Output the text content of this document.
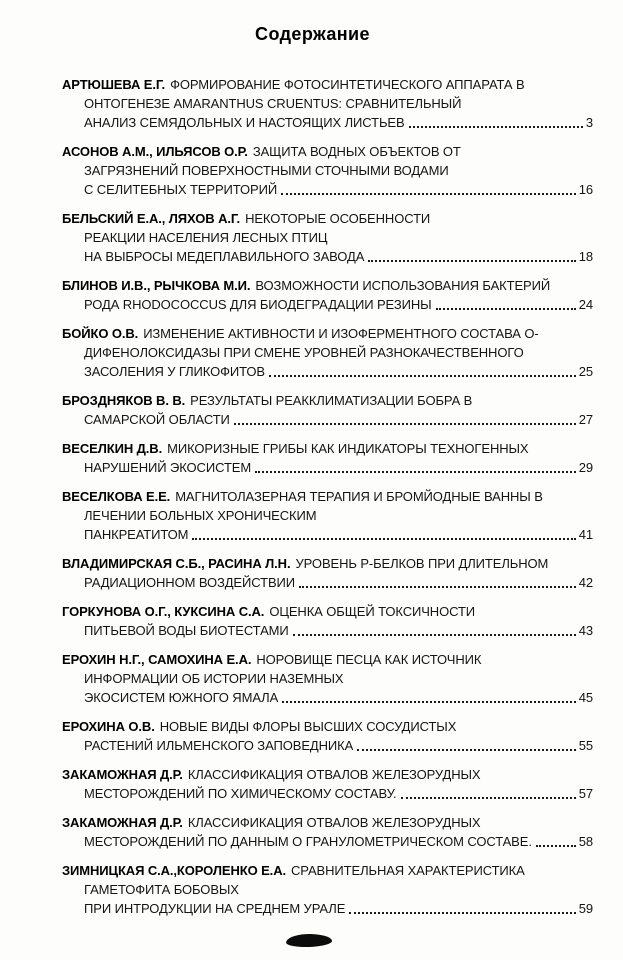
Содержание
АРТЮШЕВА Е.Г. ФОРМИРОВАНИЕ ФОТОСИНТЕТИЧЕСКОГО АППАРАТА В
ОНТОГЕНЕЗЕ AMARANTHUS CRUENTUS: СРАВНИТЕЛЬНЫЙ
АНАЛИЗ СЕМЯДОЛЬНЫХ И НАСТОЯЩИХ ЛИСТЬЕВ	3
АСОНОВ А.М., ИЛЬЯСОВ О.Р. ЗАЩИТА ВОДНЫХ ОБЪЕКТОВ ОТ
ЗАГРЯЗНЕНИЙ ПОВЕРХНОСТНЫМИ СТОЧНЫМИ ВОДАМИ
С СЕЛИТЕБНЫХ ТЕРРИТОРИЙ	16
БЕЛЬСКИЙ Е.А., ЛЯХОВ А.Г. НЕКОТОРЫЕ ОСОБЕННОСТИ
РЕАКЦИИ НАСЕЛЕНИЯ ЛЕСНЫХ ПТИЦ
НА ВЫБРОСЫ МЕДЕПЛАВИЛЬНОГО ЗАВОДА	18
БЛИНОВ И.В., РЫЧКОВА М.И. ВОЗМОЖНОСТИ ИСПОЛЬЗОВАНИЯ БАКТЕРИЙ
РОДА RHODOCOCCUS ДЛЯ БИОДЕГРАДАЦИИ РЕЗИНЫ	24
БОЙКО О.В. ИЗМЕНЕНИЕ АКТИВНОСТИ И ИЗОФЕРМЕНТНОГО СОСТАВА О-
ДИФЕНОЛОКСИДАЗЫ ПРИ СМЕНЕ УРОВНЕЙ РАЗНОКАЧЕСТВЕННОГО
ЗАСОЛЕНИЯ У ГЛИКОФИТОВ	25
БРОЗДНЯКОВ В. В. РЕЗУЛЬТАТЫ РЕАККЛИМАТИЗАЦИИ БОБРА В
САМАРСКОЙ ОБЛАСТИ	27
ВЕСЕЛКИН Д.В. МИКОРИЗНЫЕ ГРИБЫ КАК ИНДИКАТОРЫ ТЕХНОГЕННЫХ
НАРУШЕНИЙ ЭКОСИСТЕМ	29
ВЕСЕЛКОВА Е.Е. МАГНИТОЛАЗЕРНАЯ ТЕРАПИЯ И БРОМЙОДНЫЕ ВАННЫ В
ЛЕЧЕНИИ БОЛЬНЫХ ХРОНИЧЕСКИМ
ПАНКРЕАТИТОМ	41
ВЛАДИМИРСКАЯ С.Б., РАСИНА Л.Н. УРОВЕНЬ Р-БЕЛКОВ ПРИ ДЛИТЕЛЬНОМ
РАДИАЦИОННОМ ВОЗДЕЙСТВИИ	42
ГОРКУНОВА О.Г., КУКСИНА С.А. ОЦЕНКА ОБЩЕЙ ТОКСИЧНОСТИ
ПИТЬЕВОЙ ВОДЫ БИОТЕСТАМИ	43
ЕРОХИН Н.Г., САМОХИНА Е.А. НОРОВИЩЕ ПЕСЦА КАК ИСТОЧНИК
ИНФОРМАЦИИ ОБ ИСТОРИИ НАЗЕМНЫХ
ЭКОСИСТЕМ ЮЖНОГО ЯМАЛА	45
ЕРОХИНА О.В. НОВЫЕ ВИДЫ ФЛОРЫ ВЫСШИХ СОСУДИСТЫХ
РАСТЕНИЙ ИЛЬМЕНСКОГО ЗАПОВЕДНИКА	55
ЗАКАМОЖНАЯ Д.Р. КЛАССИФИКАЦИЯ ОТВАЛОВ ЖЕЛЕЗОРУДНЫХ
МЕСТОРОЖДЕНИЙ ПО ХИМИЧЕСКОМУ СОСТАВУ.	57
ЗАКАМОЖНАЯ Д.Р. КЛАССИФИКАЦИЯ ОТВАЛОВ ЖЕЛЕЗОРУДНЫХ
МЕСТОРОЖДЕНИЙ ПО ДАННЫМ О ГРАНУЛОМЕТРИЧЕСКОМ СОСТАВЕ.	58
ЗИМНИЦКАЯ С.А.,КОРОЛЕНКО Е.А. СРАВНИТЕЛЬНАЯ ХАРАКТЕРИСТИКА
ГАМЕТОФИТА БОБОВЫХ
ПРИ ИНТРОДУКЦИИ НА СРЕДНЕМ УРАЛЕ	59
